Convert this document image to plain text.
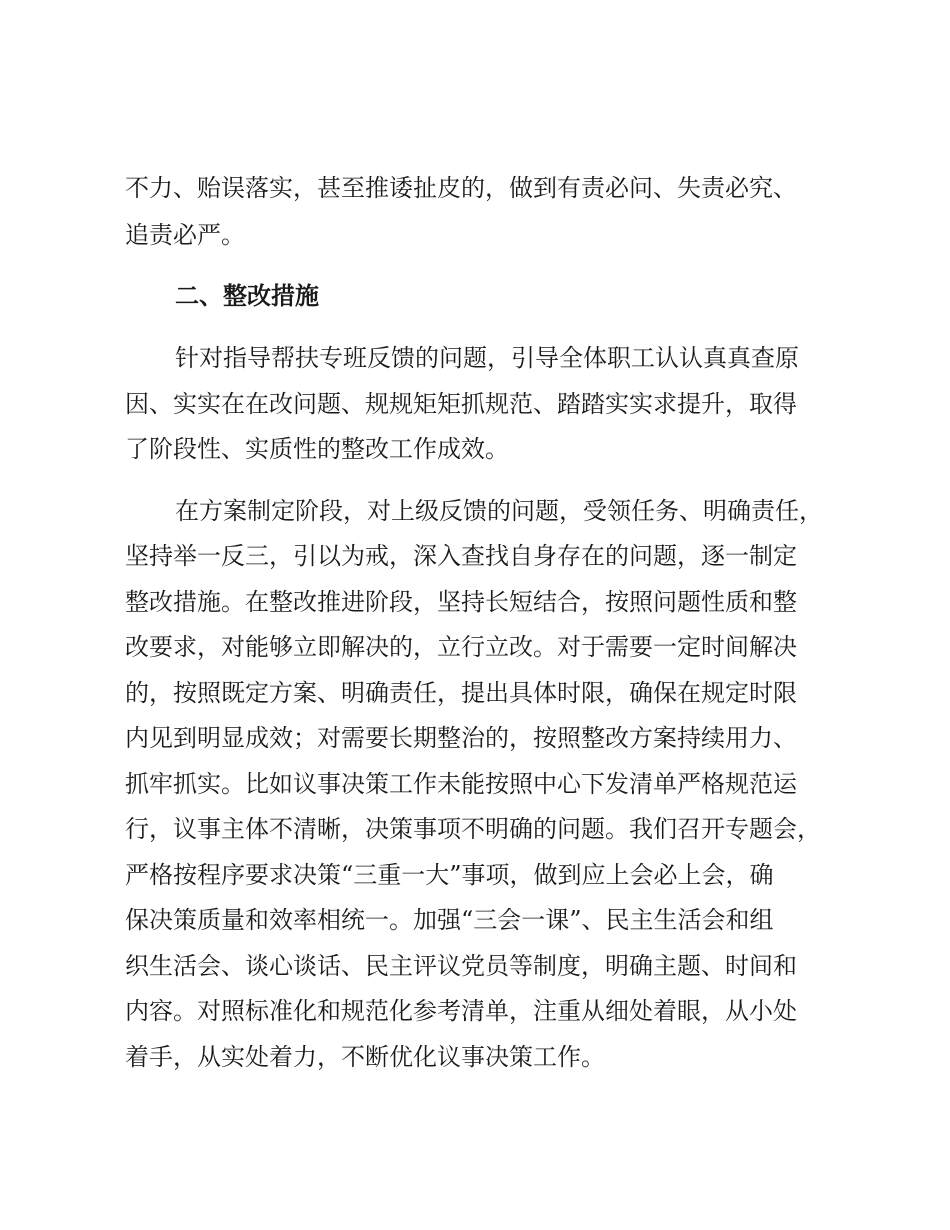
不力、贻误落实，甚至推诿扯皮的，做到有责必问、失责必究、
追责必严。
二、整改措施
针对指导帮扶专班反馈的问题，引导全体职工认认真真查原
因、实实在在改问题、规规矩矩抓规范、踏踏实实求提升，取得
了阶段性、实质性的整改工作成效。
在方案制定阶段，对上级反馈的问题，受领任务、明确责任，
坚持举一反三，引以为戒，深入查找自身存在的问题，逐一制定
整改措施。在整改推进阶段，坚持长短结合，按照问题性质和整
改要求，对能够立即解决的，立行立改。对于需要一定时间解决
的，按照既定方案、明确责任，提出具体时限，确保在规定时限
内见到明显成效；对需要长期整治的，按照整改方案持续用力、
抓牢抓实。比如议事决策工作未能按照中心下发清单严格规范运
行，议事主体不清晰，决策事项不明确的问题。我们召开专题会，
严格按程序要求决策“三重一大”事项，做到应上会必上会，确
保决策质量和效率相统一。加强“三会一课”、民主生活会和组
织生活会、谈心谈话、民主评议党员等制度，明确主题、时间和
内容。对照标准化和规范化参考清单，注重从细处着眼，从小处
着手，从实处着力，不断优化议事决策工作。
